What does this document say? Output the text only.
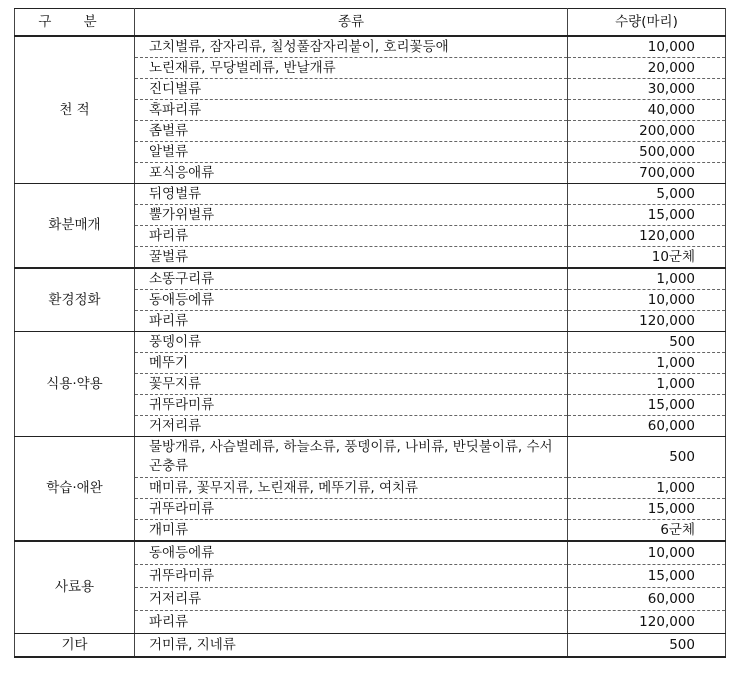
구 분	종류	수량(마리)
천 적	고치벌류, 잠자리류, 칠성풀잠자리붙이, 호리꽃등애	10,000
	노린재류, 무당벌레류, 반날개류	20,000
	진디벌류	30,000
	혹파리류	40,000
	좀벌류	200,000
	알벌류	500,000
	포식응애류	700,000
화분매개	뒤영벌류	5,000
	뿔가위벌류	15,000
	파리류	120,000
	꿀벌류	10군체
환경정화	소똥구리류	1,000
	동애등에류	10,000
	파리류	120,000
식용·약용	풍뎅이류	500
	메뚜기	1,000
	꽃무지류	1,000
	귀뚜라미류	15,000
	거저리류	60,000
학습·애완	물방개류, 사슴벌레류, 하늘소류, 풍뎅이류, 나비류, 반딧불이류, 수서곤충류	500
	매미류, 꽃무지류, 노린재류, 메뚜기류, 여치류	1,000
	귀뚜라미류	15,000
	개미류	6군체
사료용	동애등에류	10,000
	귀뚜라미류	15,000
	거저리류	60,000
	파리류	120,000
기타	거미류, 지네류	500
